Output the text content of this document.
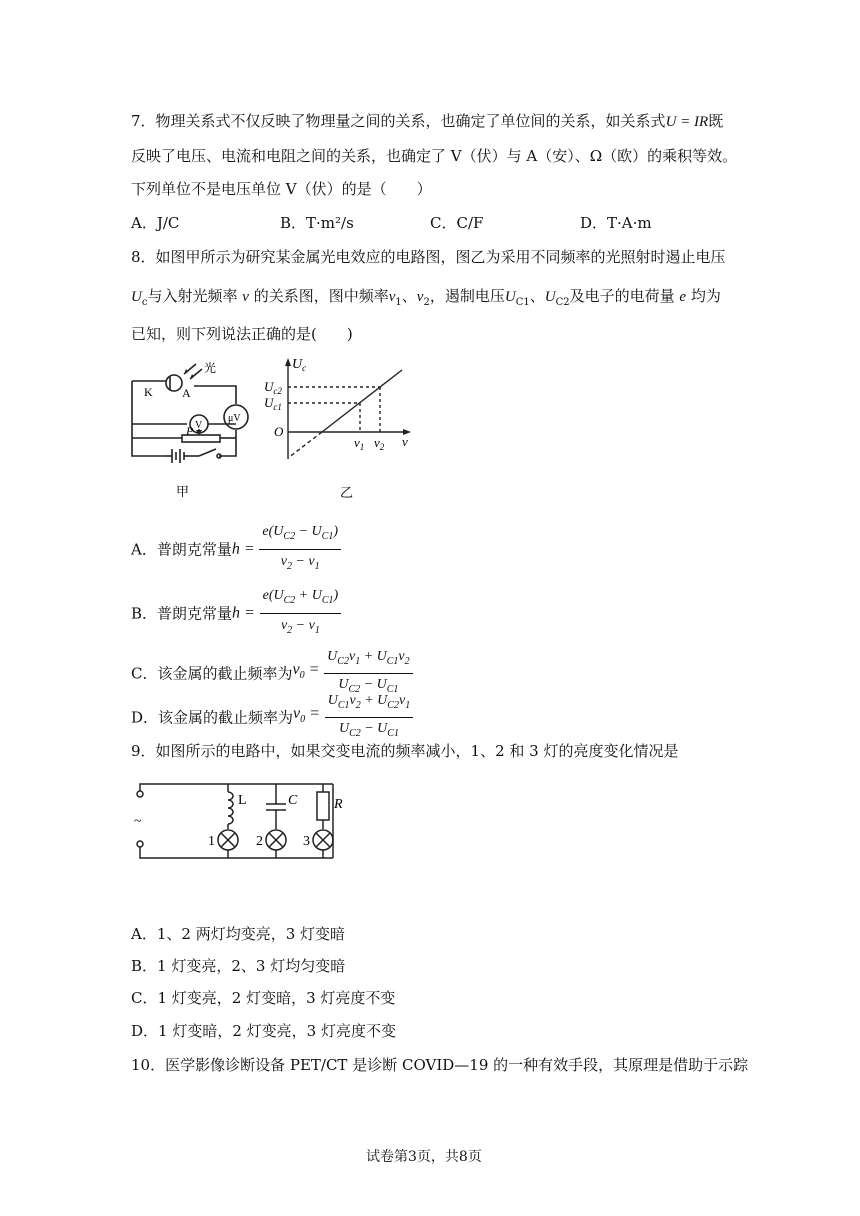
7．物理关系式不仅反映了物理量之间的关系，也确定了单位间的关系，如关系式U = IR既
反映了电压、电流和电阻之间的关系，也确定了 V（伏）与 A（安）、Ω（欧）的乘积等效。
下列单位不是电压单位 V（伏）的是（　　）
A．J/C	B．T·m²/s	C．C/F	D．T·A·m
8．如图甲所示为研究某金属光电效应的电路图，图乙为采用不同频率的光照射时遏止电压
$U_c$与入射光频率 v 的关系图，图中频率$v_1$、$v_2$，遏制电压$U_{C1}$、$U_{C2}$及电子的电荷量 e 均为
已知，则下列说法正确的是(　　)
光
K A
V
μV
P
甲
$U_c$
$U_{c2}$
$U_{c1}$
O
$\nu_1$ $\nu_2$ ν
乙
A．普朗克常量$h = \frac{e(U_{C2} - U_{C1})}{v_2 - v_1}$
B．普朗克常量$h = \frac{e(U_{C2} + U_{C1})}{v_2 - v_1}$
C．该金属的截止频率为$v_0 = \frac{U_{C2}v_1 + U_{C1}v_2}{U_{C2} - U_{C1}}$
D．该金属的截止频率为$v_0 = \frac{U_{C1}v_2 + U_{C2}v_1}{U_{C2} - U_{C1}}$
9．如图所示的电路中，如果交变电流的频率减小，1、2 和 3 灯的亮度变化情况是
~
L	C	R
1	2	3
A．1、2 两灯均变亮，3 灯变暗
B．1 灯变亮，2、3 灯均匀变暗
C．1 灯变亮，2 灯变暗，3 灯亮度不变
D．1 灯变暗，2 灯变亮，3 灯亮度不变
10．医学影像诊断设备 PET/CT 是诊断 COVID—19 的一种有效手段，其原理是借助于示踪
试卷第3页，共8页
